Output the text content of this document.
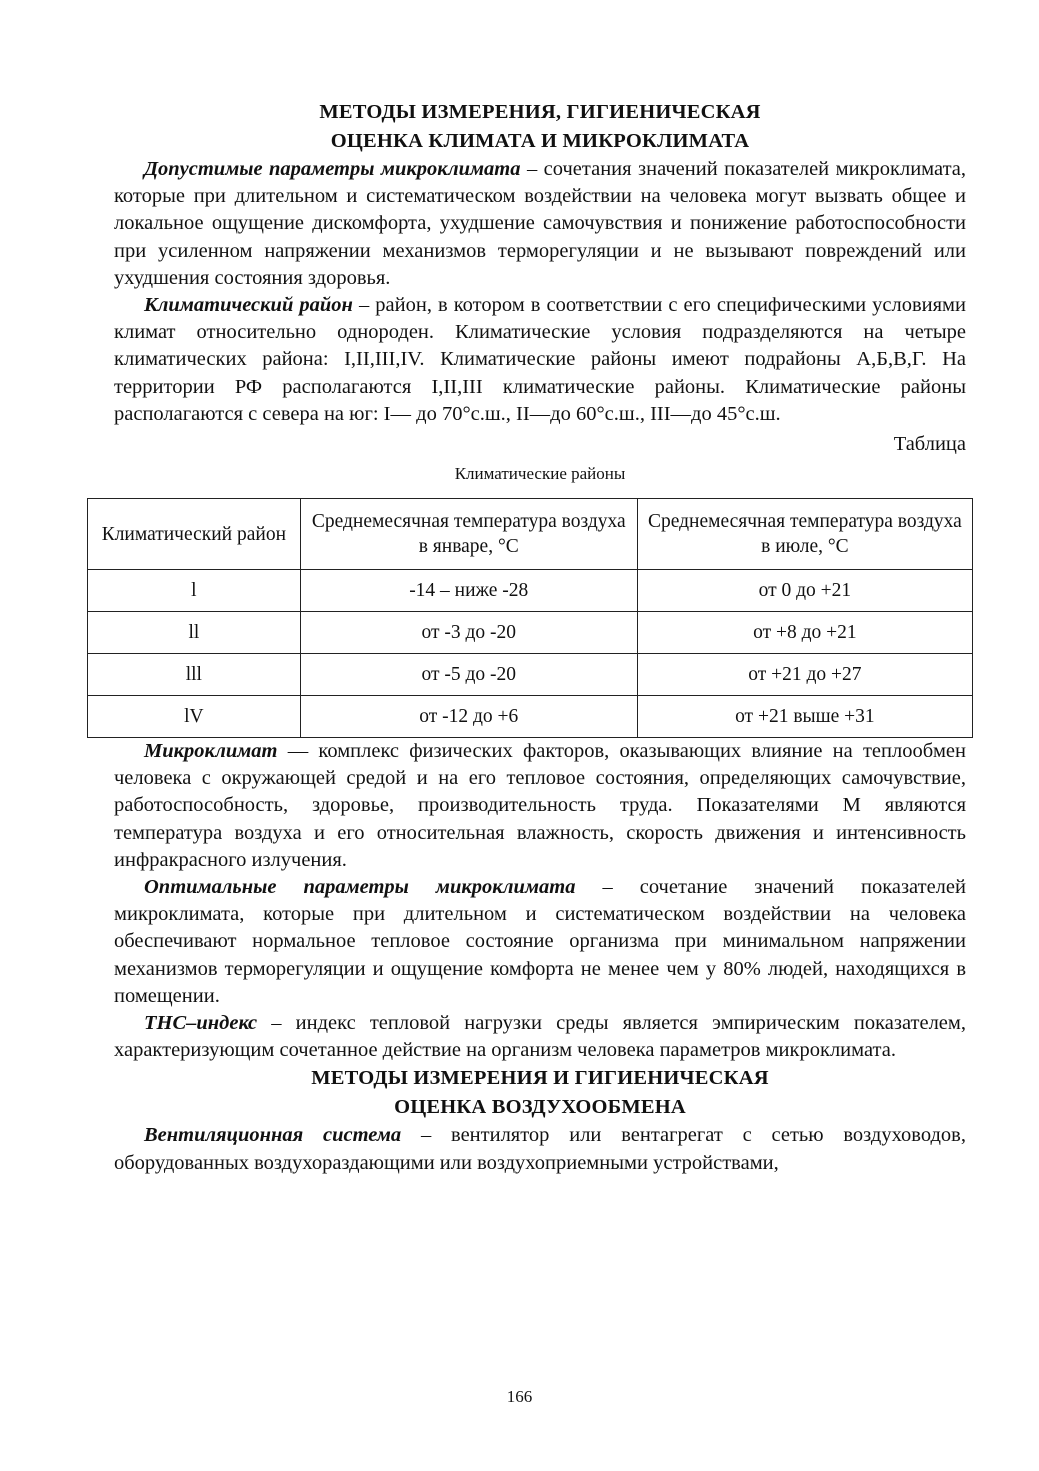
МЕТОДЫ ИЗМЕРЕНИЯ, ГИГИЕНИЧЕСКАЯ
ОЦЕНКА КЛИМАТА И МИКРОКЛИМАТА

Допустимые параметры микроклимата – сочетания значений показателей микроклимата, которые при длительном и систематическом воздействии на человека могут вызвать общее и локальное ощущение дискомфорта, ухудшение самочувствия и понижение работоспособности при усиленном напряжении механизмов терморегуляции и не вызывают повреждений или ухудшения состояния здоровья.

Климатический район – район, в котором в соответствии с его специфическими условиями климат относительно однороден. Климатические условия подразделяются на четыре климатических района: I,II,III,IV. Климатические районы имеют подрайоны А,Б,В,Г. На территории РФ располагаются I,II,III климатические районы. Климатические районы располагаются с севера на юг: I— до 70°с.ш., II—до 60°с.ш., III—до 45°с.ш.

Таблица
Климатические районы
Климатический район	Среднемесячная температура воздуха в январе, °С	Среднемесячная температура воздуха в июле, °С
l	-14 – ниже -28	от 0 до +21
ll	от -3 до -20	от +8 до +21
lll	от -5 до -20	от +21 до +27
lV	от -12 до +6	от +21 выше +31

Микроклимат — комплекс физических факторов, оказывающих влияние на теплообмен человека с окружающей средой и на его тепловое состояния, определяющих самочувствие, работоспособность, здоровье, производительность труда. Показателями М являются температура воздуха и его относительная влажность, скорость движения и интенсивность инфракрасного излучения.

Оптимальные параметры микроклимата – сочетание значений показателей микроклимата, которые при длительном и систематическом воздействии на человека обеспечивают нормальное тепловое состояние организма при минимальном напряжении механизмов терморегуляции и ощущение комфорта не менее чем у 80% людей, находящихся в помещении.

ТНС–индекс – индекс тепловой нагрузки среды является эмпирическим показателем, характеризующим сочетанное действие на организм человека параметров микроклимата.

МЕТОДЫ ИЗМЕРЕНИЯ И ГИГИЕНИЧЕСКАЯ
ОЦЕНКА ВОЗДУХООБМЕНА

Вентиляционная система – вентилятор или вентагрегат с сетью воздуховодов, оборудованных воздухораздающими или воздухоприемными устройствами,

166
